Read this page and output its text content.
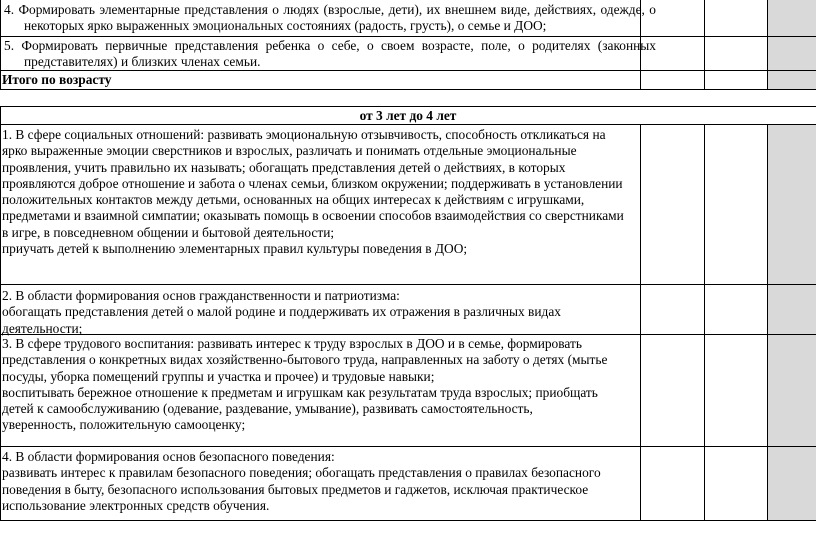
4. Формировать элементарные представления о людях (взрослые, дети), их внешнем виде, действиях, одежде, о некоторых ярко выраженных эмоциональных состояниях (радость, грусть), о семье и ДОО;
5. Формировать первичные представления ребенка о себе, о своем возрасте, поле, о родителях (законных представителях) и близких членах семьи.
Итого по возрасту
от 3 лет до 4 лет
1. В сфере социальных отношений: развивать эмоциональную отзывчивость, способность откликаться на
ярко выраженные эмоции сверстников и взрослых, различать и понимать отдельные эмоциональные
проявления, учить правильно их называть; обогащать представления детей о действиях, в которых
проявляются доброе отношение и забота о членах семьи, близком окружении; поддерживать в установлении
положительных контактов между детьми, основанных на общих интересах к действиям с игрушками,
предметами и взаимной симпатии; оказывать помощь в освоении способов взаимодействия со сверстниками
в игре, в повседневном общении и бытовой деятельности;
приучать детей к выполнению элементарных правил культуры поведения в ДОО;
2. В области формирования основ гражданственности и патриотизма:
обогащать представления детей о малой родине и поддерживать их отражения в различных видах
деятельности;
3. В сфере трудового воспитания: развивать интерес к труду взрослых в ДОО и в семье, формировать
представления о конкретных видах хозяйственно-бытового труда, направленных на заботу о детях (мытье
посуды, уборка помещений группы и участка и прочее) и трудовые навыки;
воспитывать бережное отношение к предметам и игрушкам как результатам труда взрослых; приобщать
детей к самообслуживанию (одевание, раздевание, умывание), развивать самостоятельность,
уверенность, положительную самооценку;
4. В области формирования основ безопасного поведения:
развивать интерес к правилам безопасного поведения; обогащать представления о правилах безопасного
поведения в быту, безопасного использования бытовых предметов и гаджетов, исключая практическое
использование электронных средств обучения.
